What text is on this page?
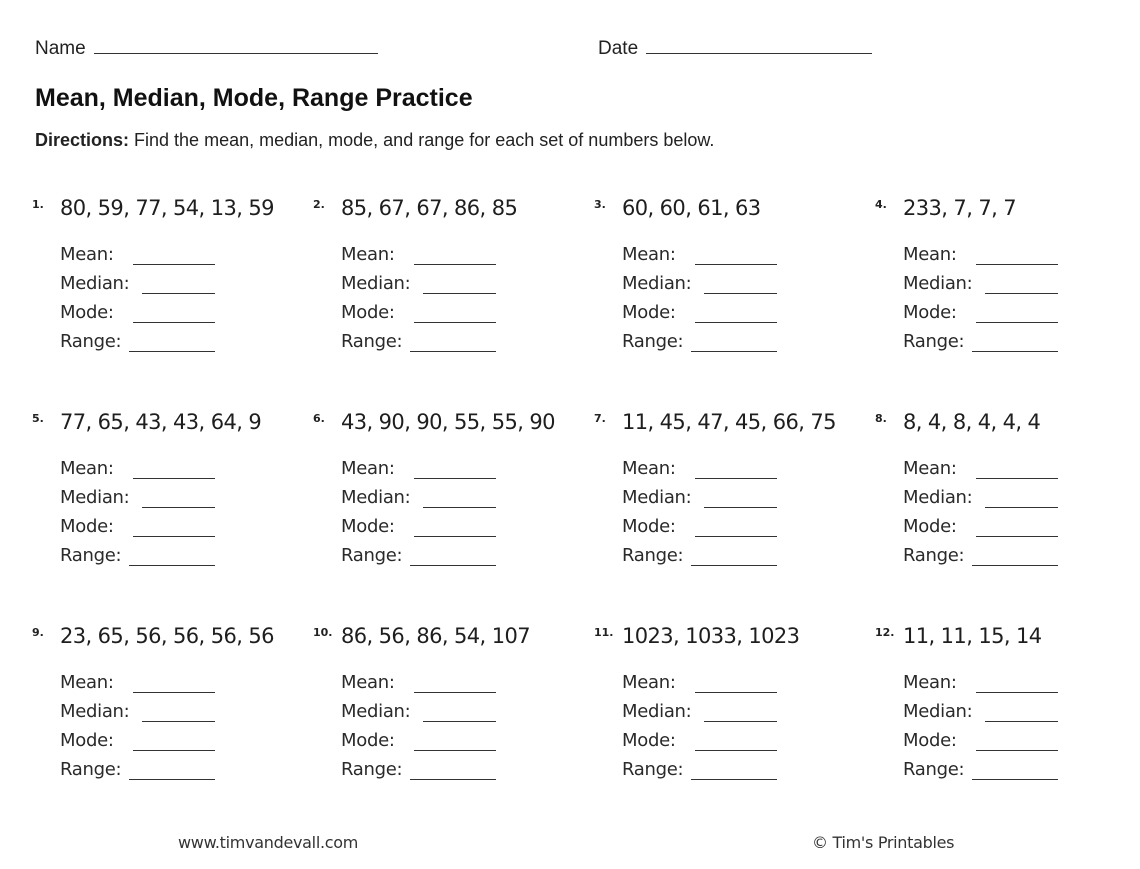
Name	Date
Mean, Median, Mode, Range Practice
Directions: Find the mean, median, mode, and range for each set of numbers below.
1. 80, 59, 77, 54, 13, 59
Mean:
Median:
Mode:
Range:
2. 85, 67, 67, 86, 85
Mean:
Median:
Mode:
Range:
3. 60, 60, 61, 63
Mean:
Median:
Mode:
Range:
4. 233, 7, 7, 7
Mean:
Median:
Mode:
Range:
5. 77, 65, 43, 43, 64, 9
Mean:
Median:
Mode:
Range:
6. 43, 90, 90, 55, 55, 90
Mean:
Median:
Mode:
Range:
7. 11, 45, 47, 45, 66, 75
Mean:
Median:
Mode:
Range:
8. 8, 4, 8, 4, 4, 4
Mean:
Median:
Mode:
Range:
9. 23, 65, 56, 56, 56, 56
Mean:
Median:
Mode:
Range:
10. 86, 56, 86, 54, 107
Mean:
Median:
Mode:
Range:
11. 1023, 1033, 1023
Mean:
Median:
Mode:
Range:
12. 11, 11, 15, 14
Mean:
Median:
Mode:
Range:
www.timvandevall.com	© Tim's Printables
